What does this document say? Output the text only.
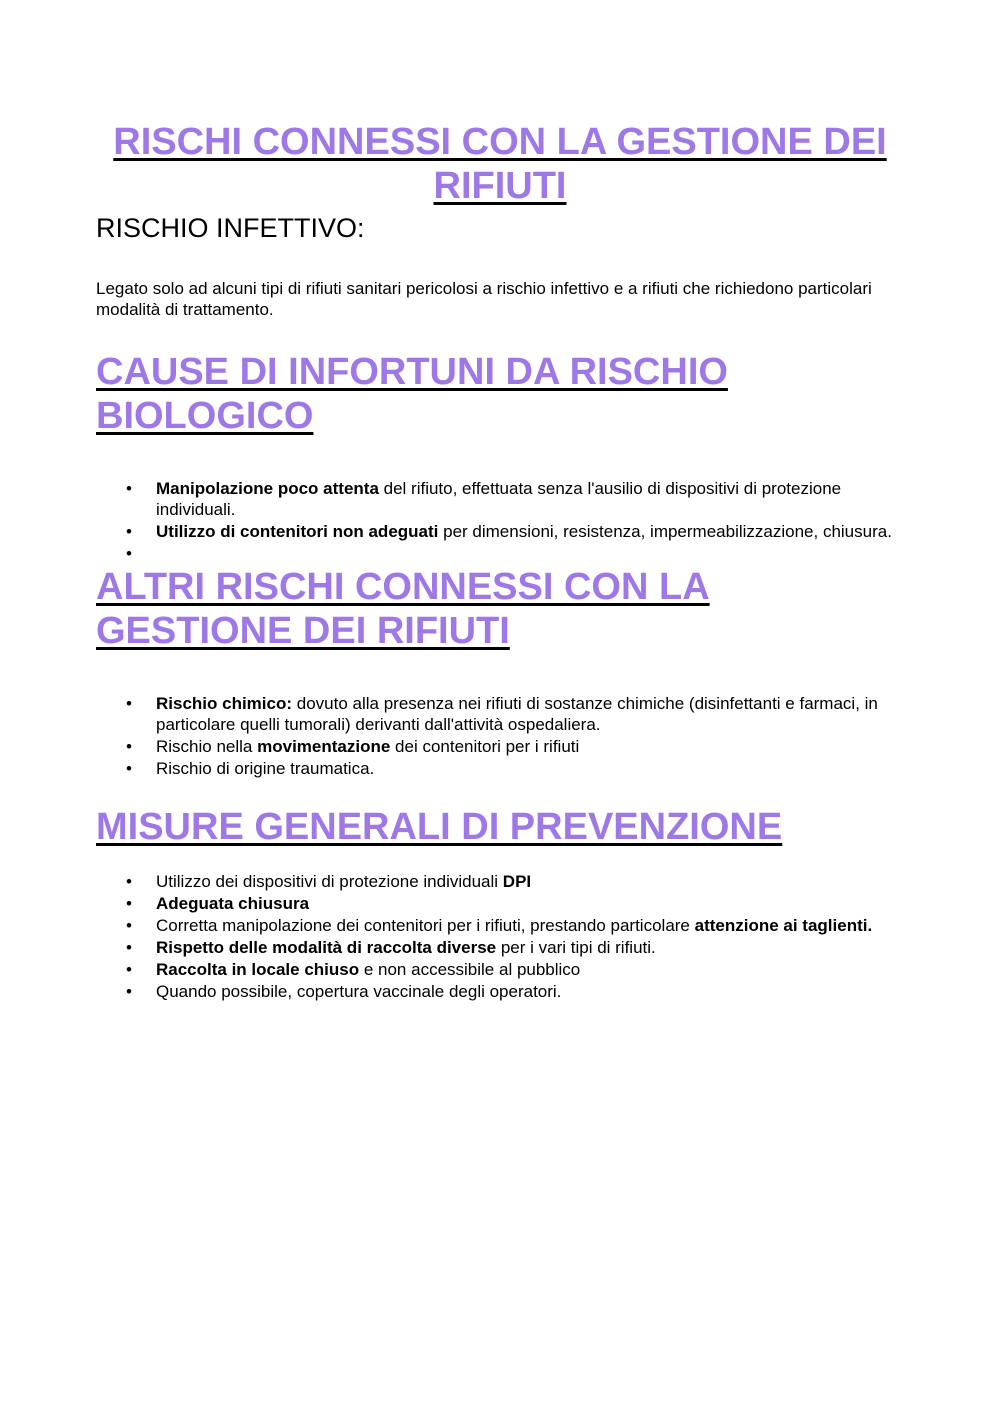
RISCHI CONNESSI CON LA GESTIONE DEI RIFIUTI
RISCHIO INFETTIVO:

Legato solo ad alcuni tipi di rifiuti sanitari pericolosi a rischio infettivo e a rifiuti che richiedono particolari modalità di trattamento.

CAUSE DI INFORTUNI DA RISCHIO BIOLOGICO
• Manipolazione poco attenta del rifiuto, effettuata senza l'ausilio di dispositivi di protezione individuali.
• Utilizzo di contenitori non adeguati per dimensioni, resistenza, impermeabilizzazione, chiusura.
•
ALTRI RISCHI CONNESSI CON LA GESTIONE DEI RIFIUTI
• Rischio chimico: dovuto alla presenza nei rifiuti di sostanze chimiche (disinfettanti e farmaci, in particolare quelli tumorali) derivanti dall'attività ospedaliera.
• Rischio nella movimentazione dei contenitori per i rifiuti
• Rischio di origine traumatica.
MISURE GENERALI DI PREVENZIONE
• Utilizzo dei dispositivi di protezione individuali DPI
• Adeguata chiusura
• Corretta manipolazione dei contenitori per i rifiuti, prestando particolare attenzione ai taglienti.
• Rispetto delle modalità di raccolta diverse per i vari tipi di rifiuti.
• Raccolta in locale chiuso e non accessibile al pubblico
• Quando possibile, copertura vaccinale degli operatori.
